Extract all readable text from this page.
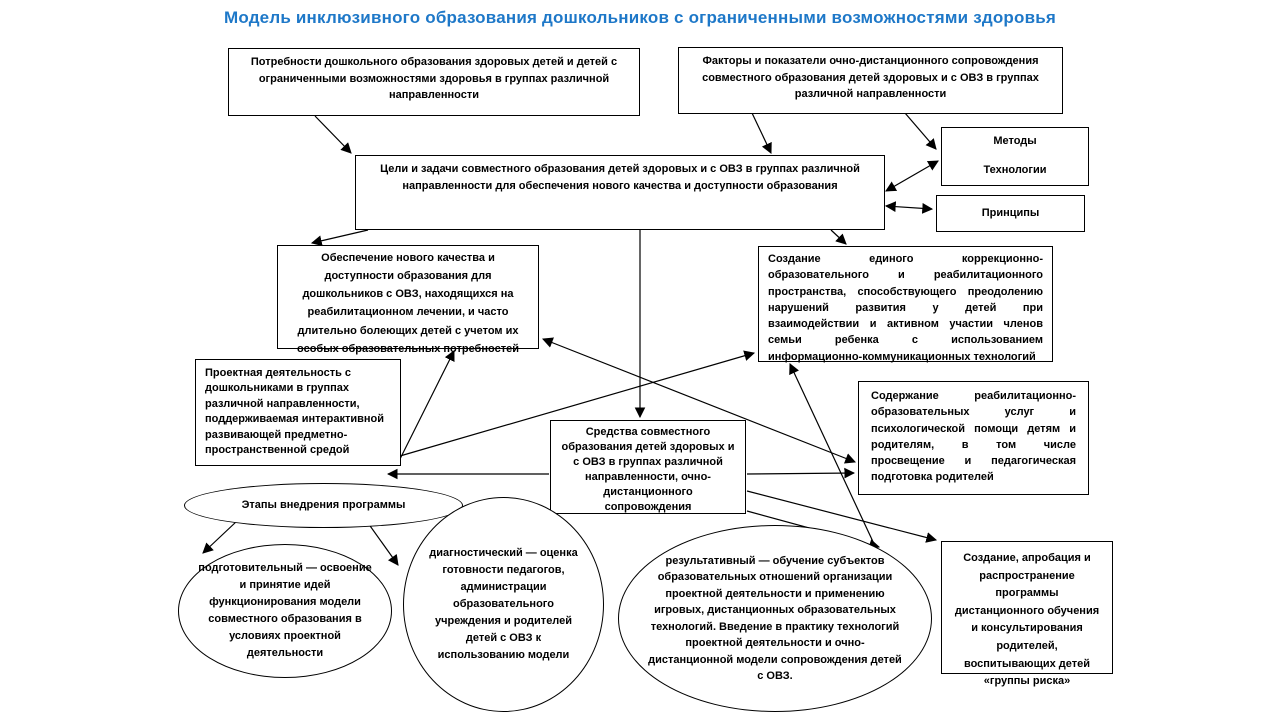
Модель инклюзивного образования дошкольников с ограниченными возможностями здоровья
Потребности дошкольного образования здоровых детей и детей с ограниченными возможностями здоровья в группах различной направленности
Факторы и показатели очно-дистанционного сопровождения совместного образования детей здоровых и с ОВЗ в группах различной направленности
Цели и задачи совместного образования детей здоровых и с ОВЗ в группах различной направленности для обеспечения нового качества и доступности образования
Методы
Технологии
Принципы
Обеспечение нового качества и доступности образования для дошкольников с ОВЗ, находящихся на реабилитационном лечении, и часто длительно болеющих детей с учетом их особых образовательных потребностей
Создание единого коррекционно-образовательного и реабилитационного пространства, способствующего преодолению нарушений развития у детей при взаимодействии и активном участии членов семьи ребенка с использованием информационно-коммуникационных технологий
Проектная деятельность с дошкольниками в группах различной направленности, поддерживаемая интерактивной развивающей предметно-пространственной средой
Содержание реабилитационно-образовательных услуг и психологической помощи детям и родителям, в том числе просвещение и педагогическая подготовка родителей
Средства совместного образования детей здоровых и с ОВЗ в группах различной направленности, очно-дистанционного сопровождения
Создание, апробация и распространение программы дистанционного обучения и консультирования родителей, воспитывающих детей «группы риска»
Этапы внедрения программы
подготовительный — освоение и принятие идей функционирования модели совместного образования в условиях проектной деятельности
диагностический — оценка готовности педагогов, администрации образовательного учреждения и родителей детей с ОВЗ к использованию модели
результативный — обучение субъектов образовательных отношений организации проектной деятельности и применению игровых, дистанционных образовательных технологий. Введение в практику технологий проектной деятельности и очно-дистанционной модели сопровождения детей с ОВЗ.
